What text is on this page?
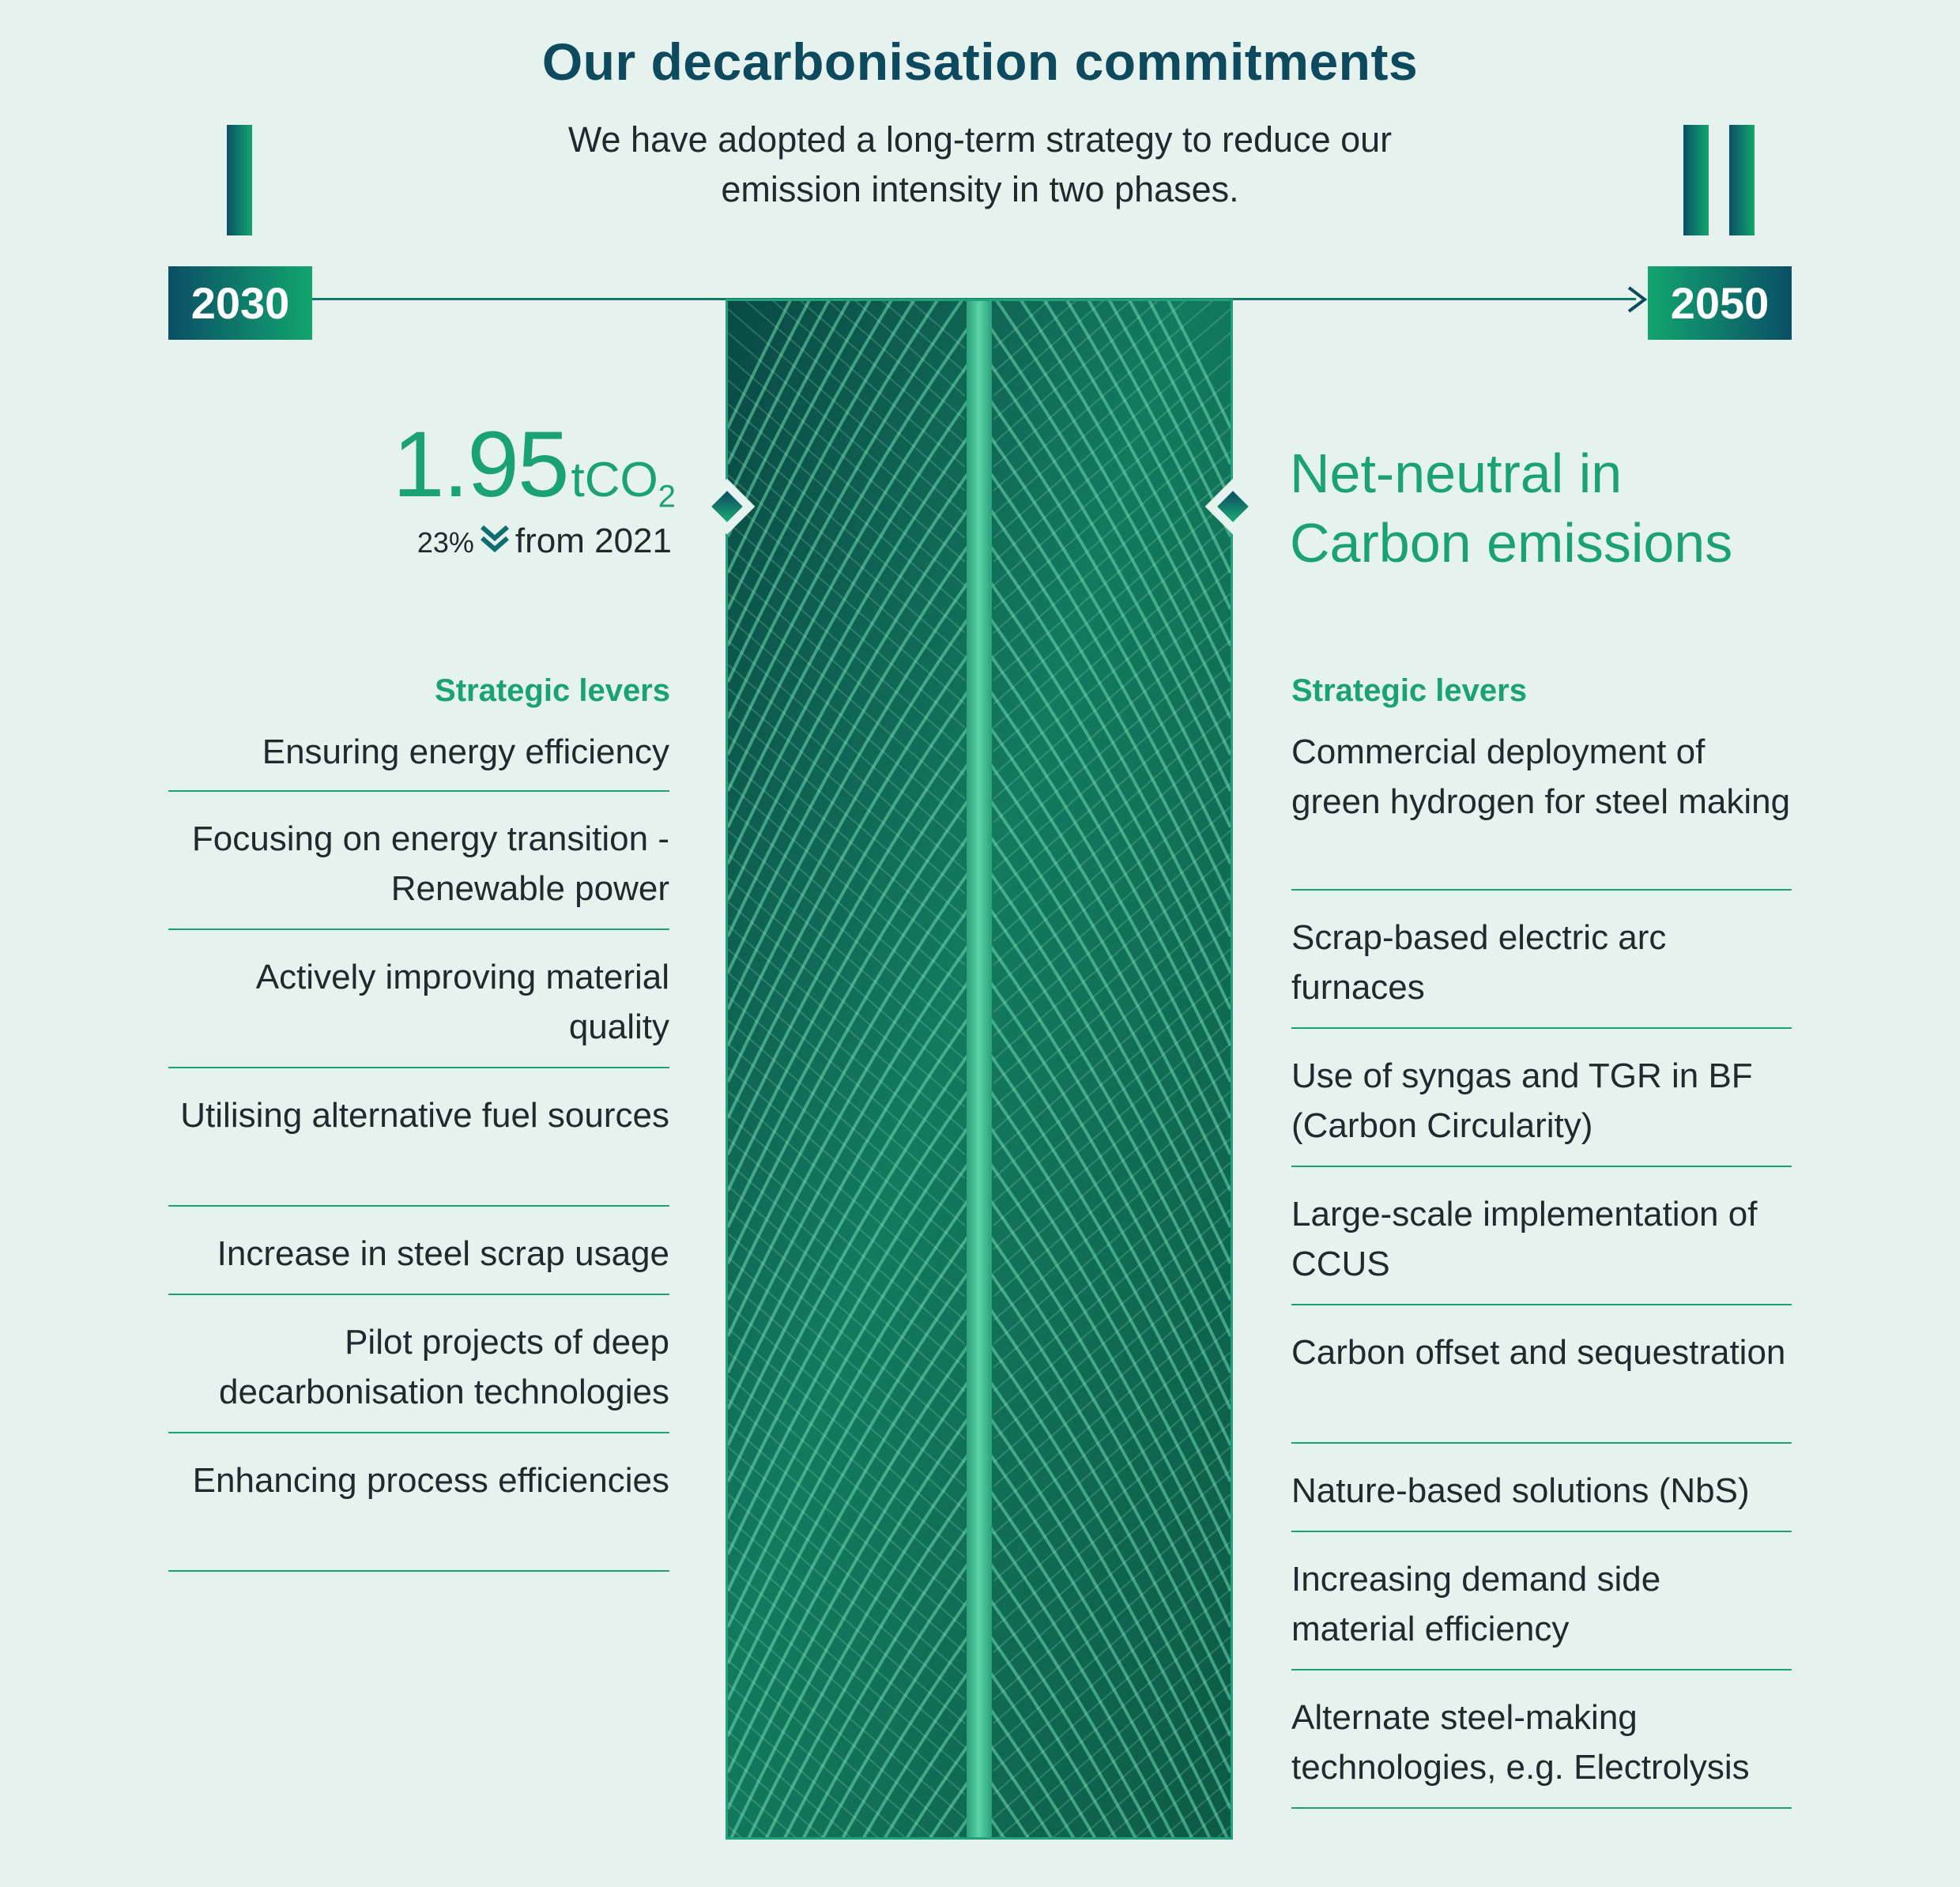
Our decarbonisation commitments
We have adopted a long-term strategy to reduce our emission intensity in two phases.
2030	2050
1.95tCO$_2$
23% from 2021
Net-neutral in
Carbon emissions
Strategic levers	Strategic levers
Ensuring energy efficiency
Focusing on energy transition - Renewable power
Actively improving material quality
Utilising alternative fuel sources
Increase in steel scrap usage
Pilot projects of deep decarbonisation technologies
Enhancing process efficiencies
Commercial deployment of green hydrogen for steel making
Scrap-based electric arc furnaces
Use of syngas and TGR in BF (Carbon Circularity)
Large-scale implementation of CCUS
Carbon offset and sequestration
Nature-based solutions (NbS)
Increasing demand side material efficiency
Alternate steel-making technologies, e.g. Electrolysis
